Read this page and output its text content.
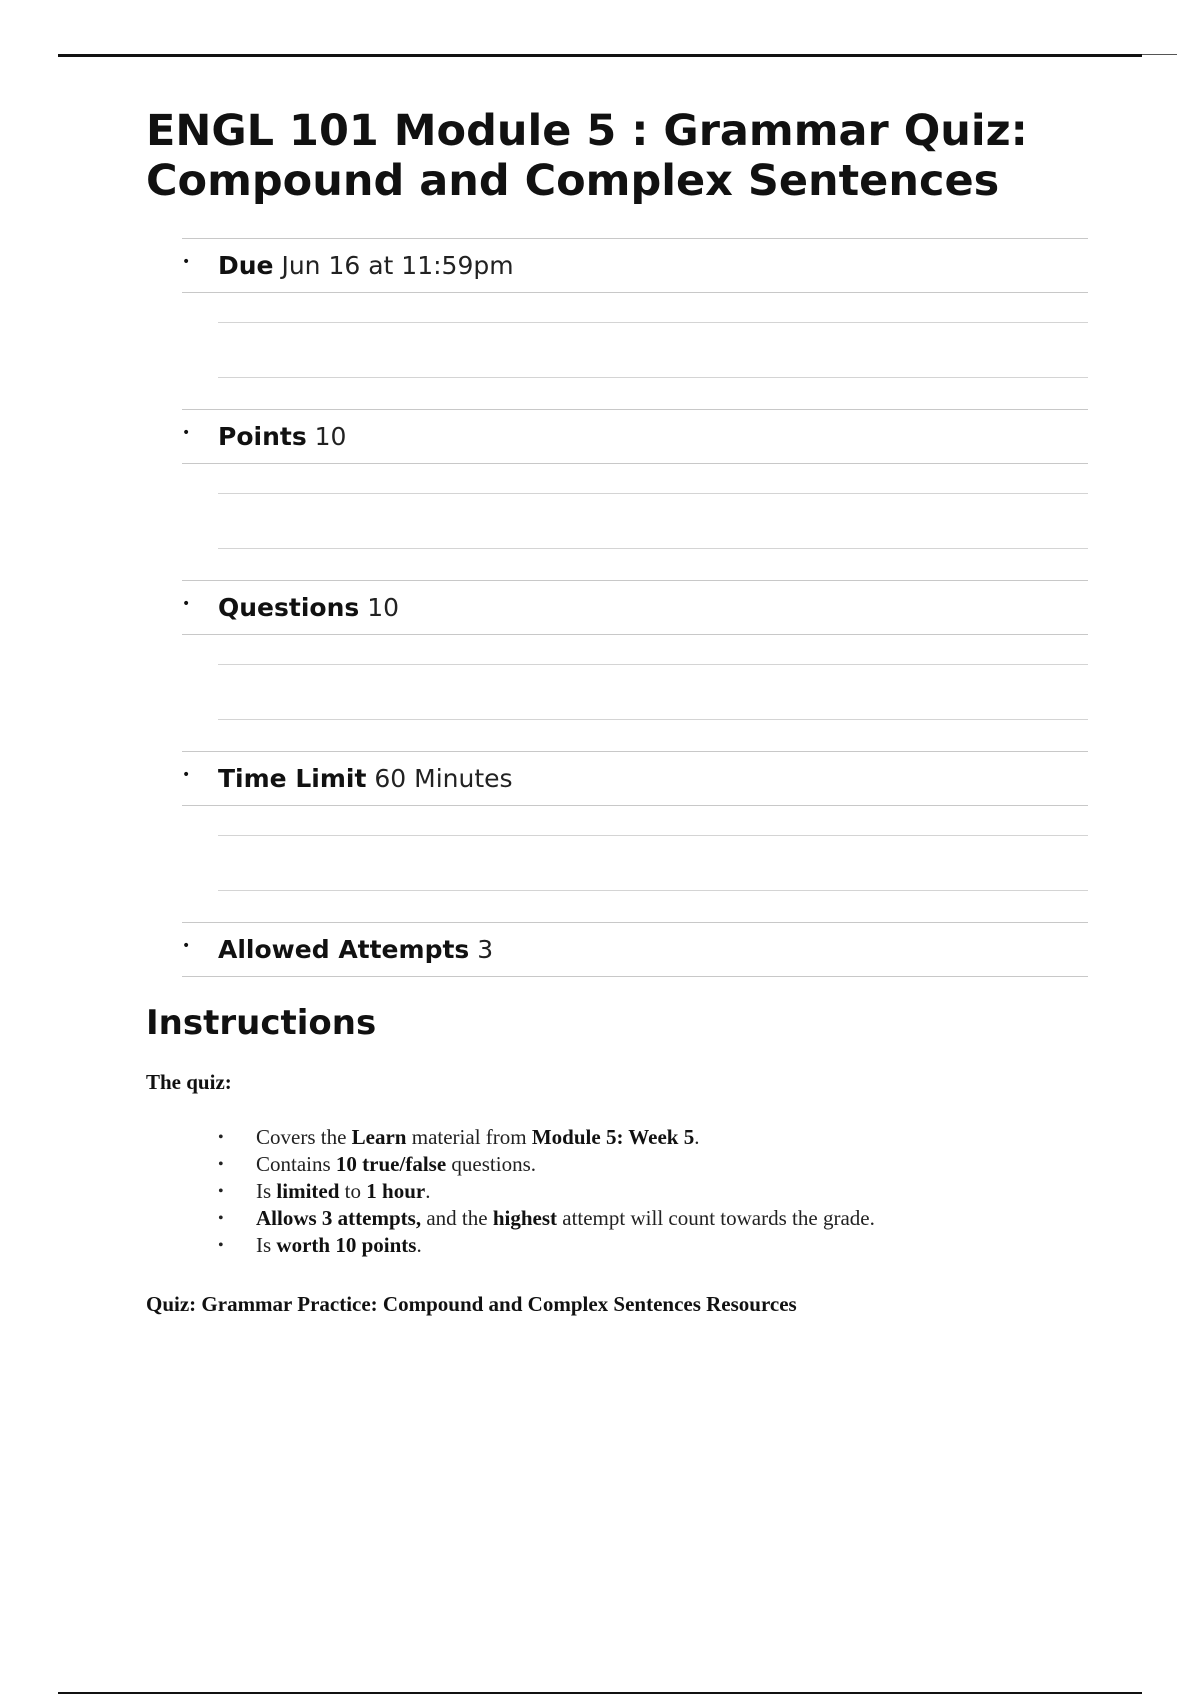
ENGL 101 Module 5 : Grammar Quiz: Compound and Complex Sentences
• Due Jun 16 at 11:59pm
• Points 10
• Questions 10
• Time Limit 60 Minutes
• Allowed Attempts 3
Instructions
The quiz:
• Covers the Learn material from Module 5: Week 5.
• Contains 10 true/false questions.
• Is limited to 1 hour.
• Allows 3 attempts, and the highest attempt will count towards the grade.
• Is worth 10 points.
Quiz: Grammar Practice: Compound and Complex Sentences Resources
